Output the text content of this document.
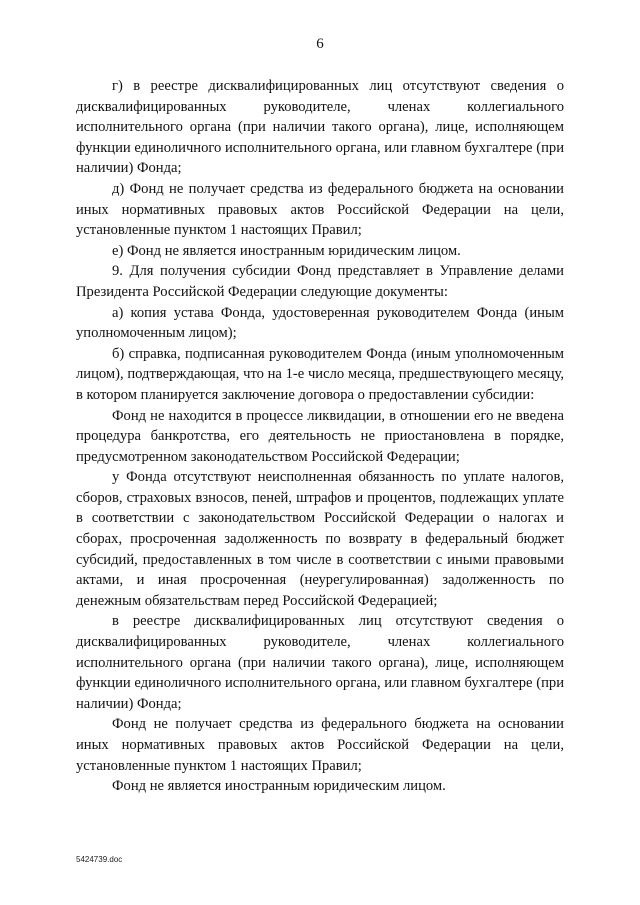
6

г) в реестре дисквалифицированных лиц отсутствуют сведения о дисквалифицированных руководителе, членах коллегиального исполнительного органа (при наличии такого органа), лице, исполняющем функции единоличного исполнительного органа, или главном бухгалтере (при наличии) Фонда;

д) Фонд не получает средства из федерального бюджета на основании иных нормативных правовых актов Российской Федерации на цели, установленные пунктом 1 настоящих Правил;

е) Фонд не является иностранным юридическим лицом.

9. Для получения субсидии Фонд представляет в Управление делами Президента Российской Федерации следующие документы:

а) копия устава Фонда, удостоверенная руководителем Фонда (иным уполномоченным лицом);

б) справка, подписанная руководителем Фонда (иным уполномоченным лицом), подтверждающая, что на 1-е число месяца, предшествующего месяцу, в котором планируется заключение договора о предоставлении субсидии:

Фонд не находится в процессе ликвидации, в отношении его не введена процедура банкротства, его деятельность не приостановлена в порядке, предусмотренном законодательством Российской Федерации;

у Фонда отсутствуют неисполненная обязанность по уплате налогов, сборов, страховых взносов, пеней, штрафов и процентов, подлежащих уплате в соответствии с законодательством Российской Федерации о налогах и сборах, просроченная задолженность по возврату в федеральный бюджет субсидий, предоставленных в том числе в соответствии с иными правовыми актами, и иная просроченная (неурегулированная) задолженность по денежным обязательствам перед Российской Федерацией;

в реестре дисквалифицированных лиц отсутствуют сведения о дисквалифицированных руководителе, членах коллегиального исполнительного органа (при наличии такого органа), лице, исполняющем функции единоличного исполнительного органа, или главном бухгалтере (при наличии) Фонда;

Фонд не получает средства из федерального бюджета на основании иных нормативных правовых актов Российской Федерации на цели, установленные пунктом 1 настоящих Правил;

Фонд не является иностранным юридическим лицом.

5424739.doc
